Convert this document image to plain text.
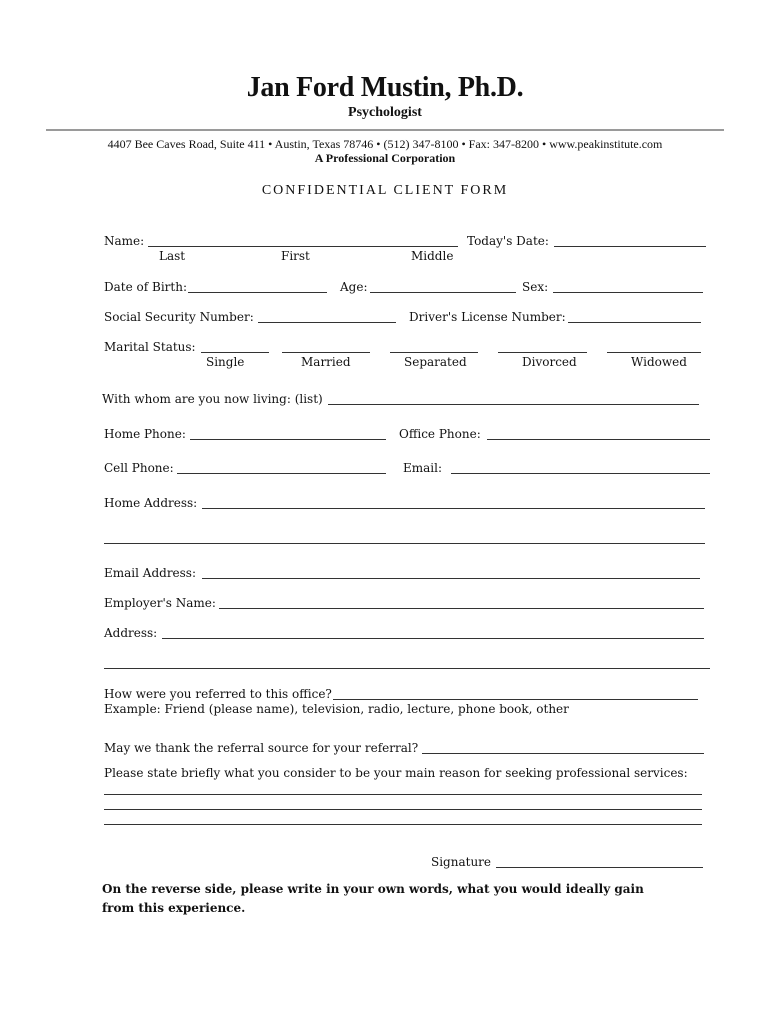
Jan Ford Mustin, Ph.D.
Psychologist
4407 Bee Caves Road, Suite 411 • Austin, Texas 78746 • (512) 347-8100 • Fax: 347-8200 • www.peakinstitute.com
A Professional Corporation
CONFIDENTIAL CLIENT FORM
Name:
Last	First	Middle
Today's Date:
Date of Birth:	Age:	Sex:
Social Security Number:	Driver's License Number:
Marital Status:
Single	Married	Separated	Divorced	Widowed
With whom are you now living: (list)
Home Phone:	Office Phone:
Cell Phone:	Email:
Home Address:
Email Address:
Employer's Name:
Address:
How were you referred to this office?
Example: Friend (please name), television, radio, lecture, phone book, other
May we thank the referral source for your referral?
Please state briefly what you consider to be your main reason for seeking professional services:
Signature
On the reverse side, please write in your own words, what you would ideally gain
from this experience.
